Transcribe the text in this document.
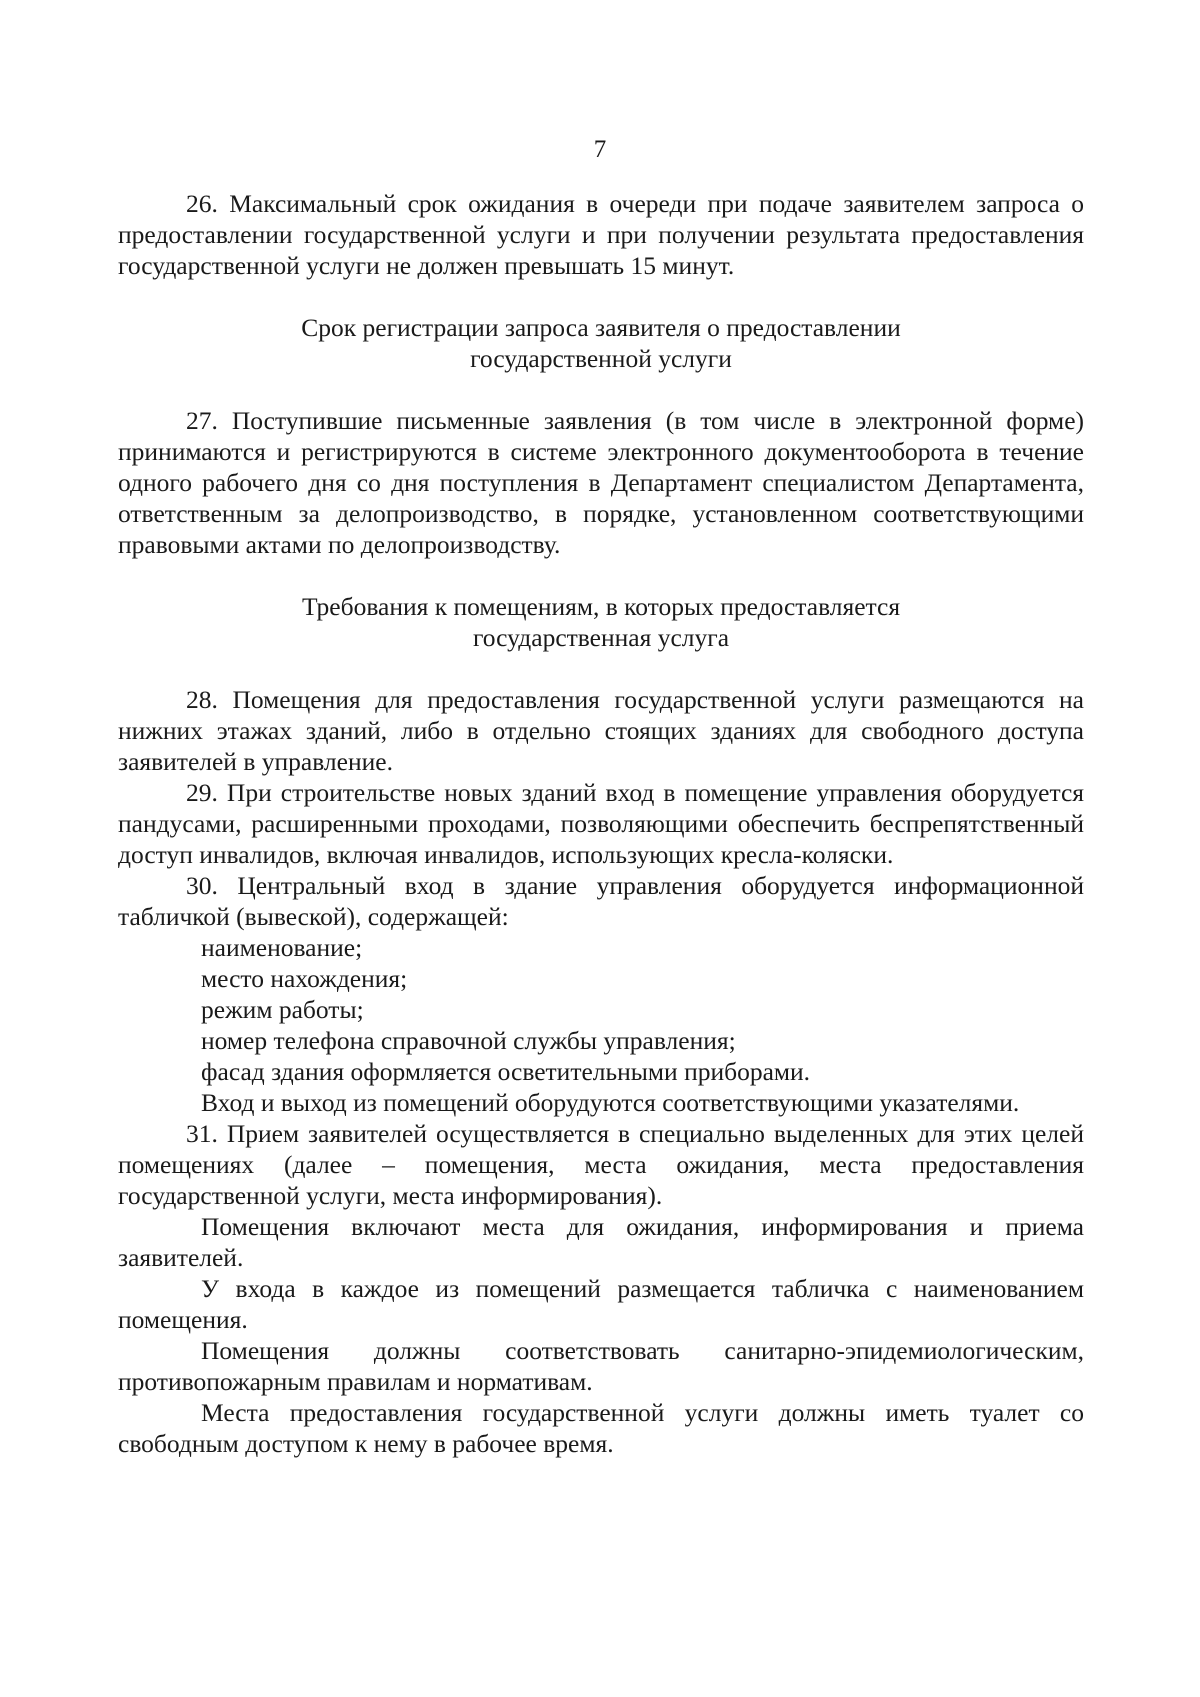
7

26. Максимальный срок ожидания в очереди при подаче заявителем запроса о предоставлении государственной услуги и при получении результата предоставления государственной услуги не должен превышать 15 минут.

Срок регистрации запроса заявителя о предоставлении

государственной услуги

27. Поступившие письменные заявления (в том числе в электронной форме) принимаются и регистрируются в системе электронного документооборота в течение одного рабочего дня со дня поступления в Департамент специалистом Департамента, ответственным за делопроизводство, в порядке, установленном соответствующими правовыми актами по делопроизводству.

Требования к помещениям, в которых предоставляется

государственная услуга

28. Помещения для предоставления государственной услуги размещаются на нижних этажах зданий, либо в отдельно стоящих зданиях для свободного доступа заявителей в управление.

29. При строительстве новых зданий вход в помещение управления оборудуется пандусами, расширенными проходами, позволяющими обеспечить беспрепятственный доступ инвалидов, включая инвалидов, использующих кресла-коляски.

30. Центральный вход в здание управления оборудуется информационной табличкой (вывеской), содержащей:

наименование;

место нахождения;

режим работы;

номер телефона справочной службы управления;

фасад здания оформляется осветительными приборами.

Вход и выход из помещений оборудуются соответствующими указателями.

31. Прием заявителей осуществляется в специально выделенных для этих целей помещениях (далее – помещения, места ожидания, места предоставления государственной услуги, места информирования).

Помещения включают места для ожидания, информирования и приема заявителей.

У входа в каждое из помещений размещается табличка с наименованием помещения.

Помещения должны соответствовать санитарно-эпидемиологическим, противопожарным правилам и нормативам.

Места предоставления государственной услуги должны иметь туалет со свободным доступом к нему в рабочее время.
